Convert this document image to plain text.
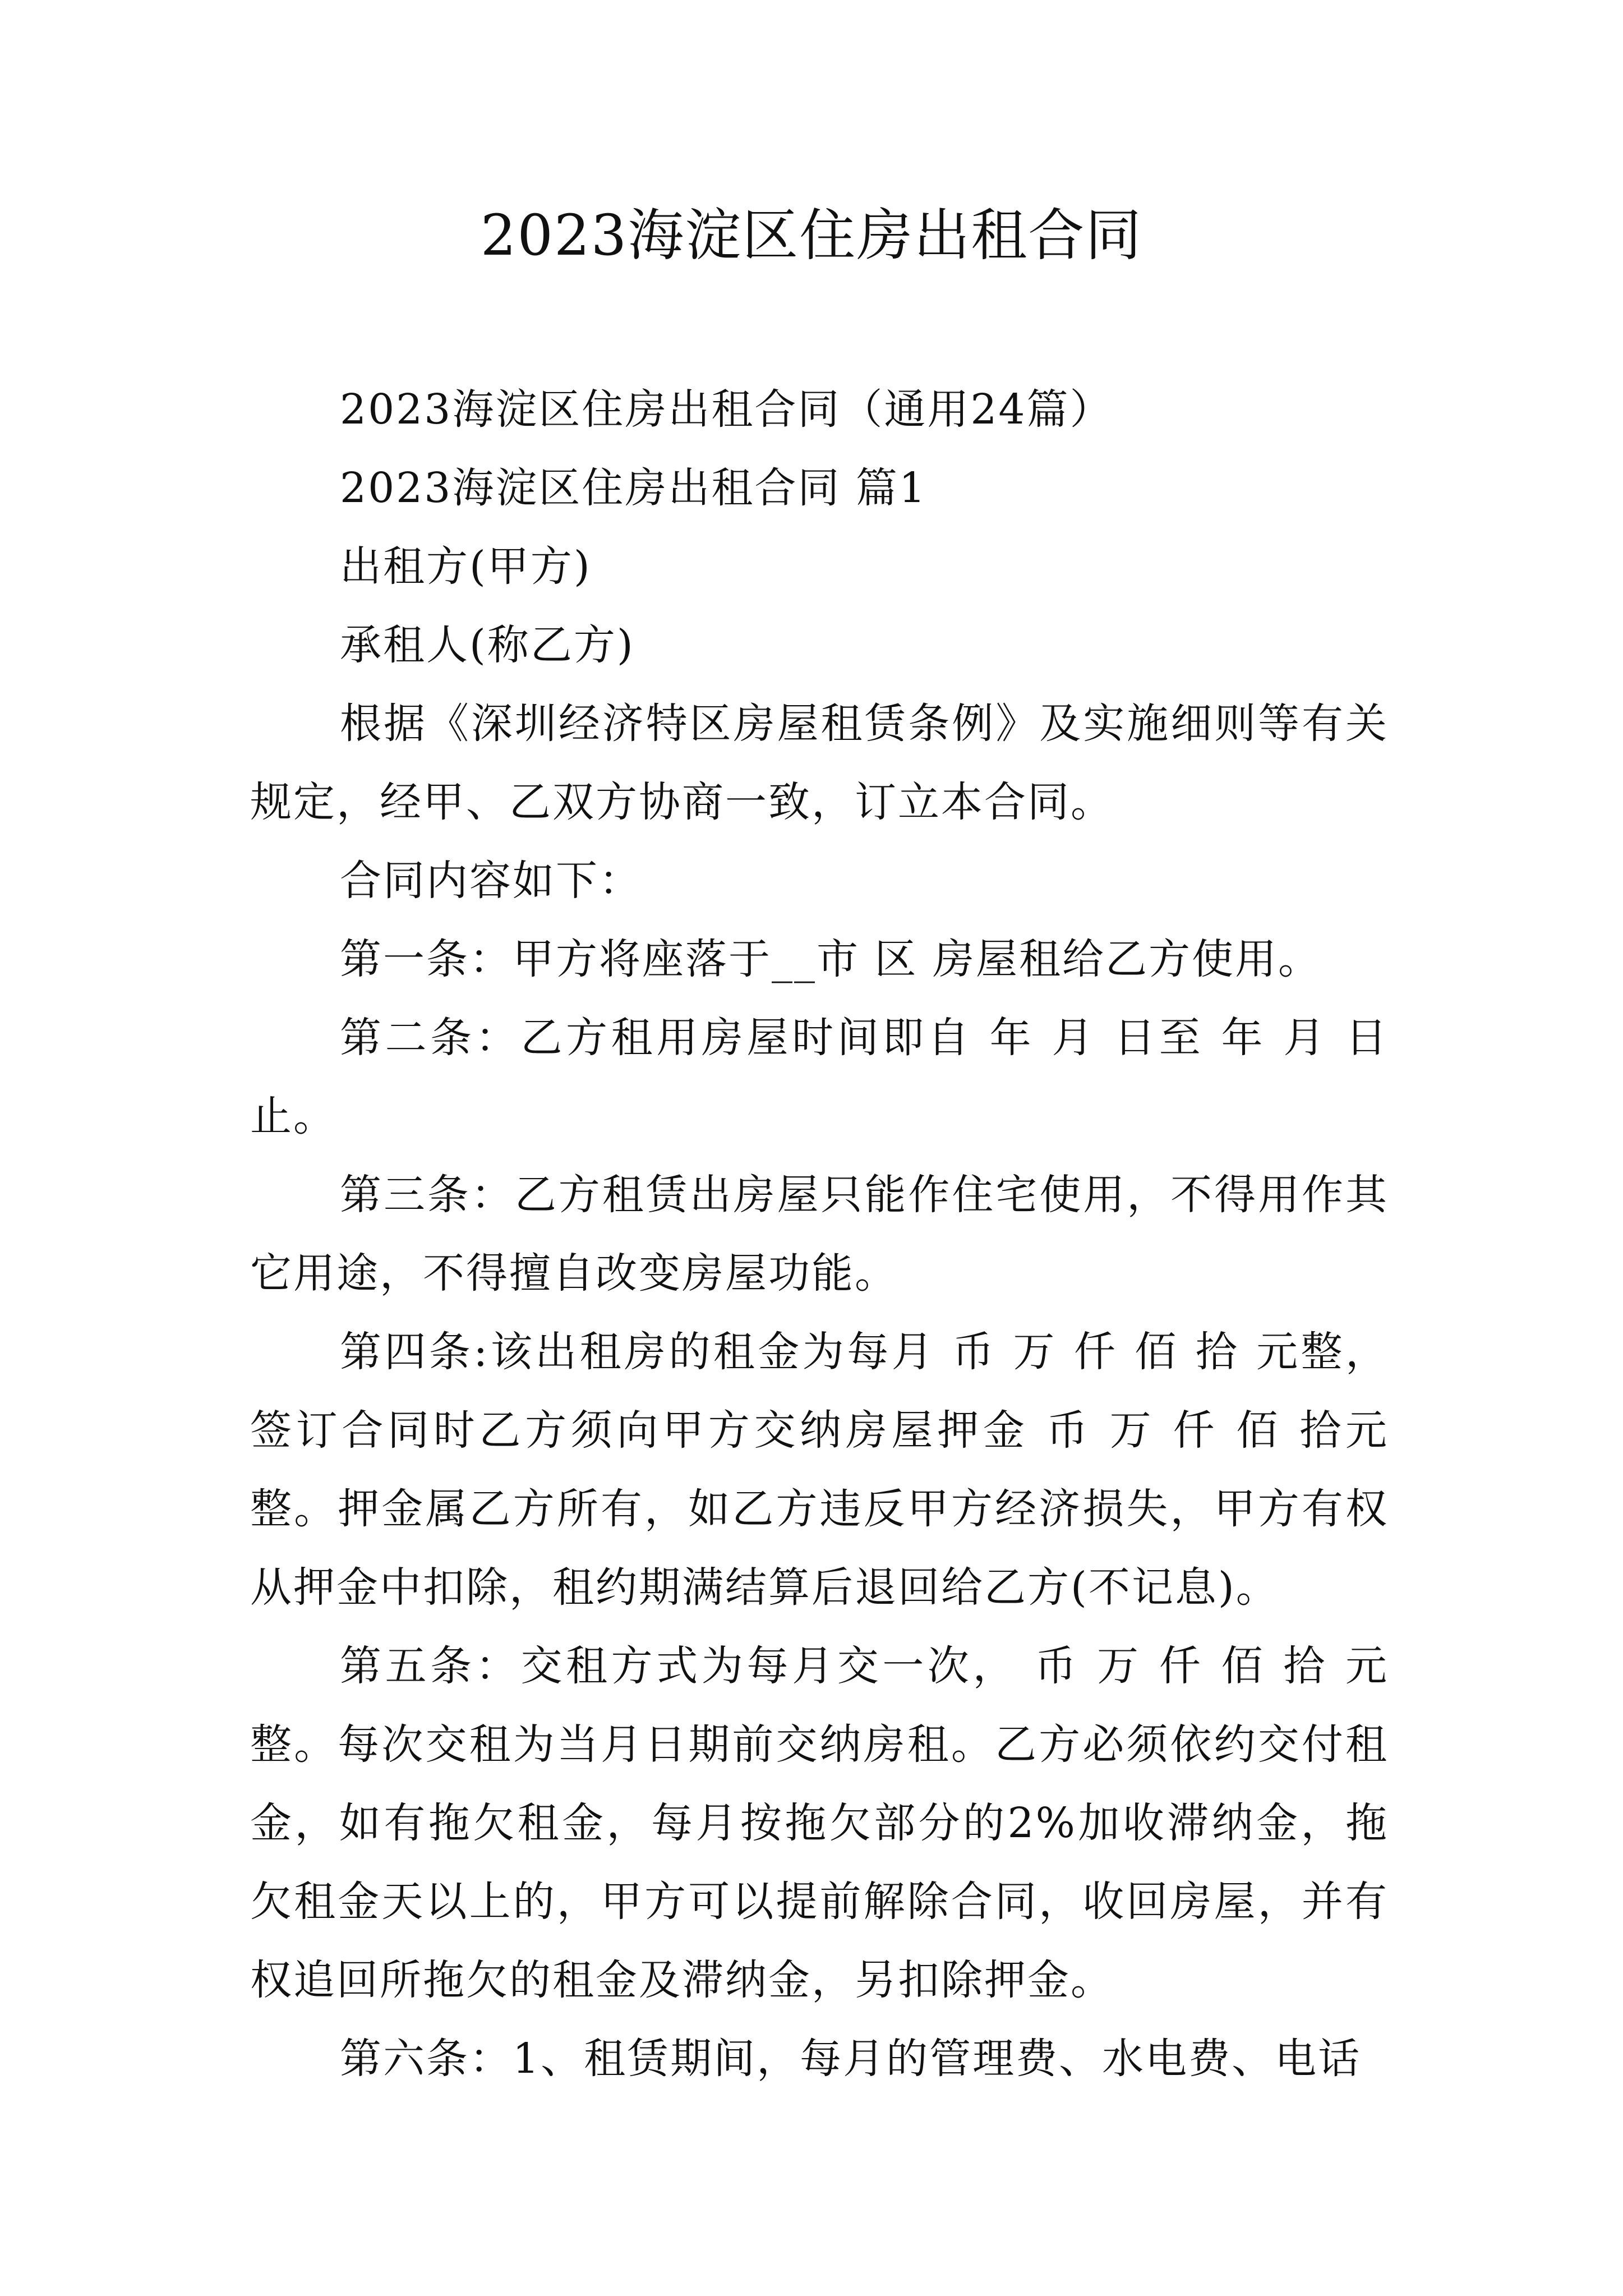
2023海淀区住房出租合同

2023海淀区住房出租合同（通用24篇）

2023海淀区住房出租合同 篇1

出租方(甲方)

承租人(称乙方)

根据《深圳经济特区房屋租赁条例》及实施细则等有关规定，经甲、乙双方协商一致，订立本合同。

合同内容如下：

第一条：甲方将座落于__市 区 房屋租给乙方使用。

第二条：乙方租用房屋时间即自 年 月 日至 年 月 日止。

第三条：乙方租赁出房屋只能作住宅使用，不得用作其它用途，不得擅自改变房屋功能。

第四条:该出租房的租金为每月 币 万 仟 佰 拾 元整，签订合同时乙方须向甲方交纳房屋押金 币 万 仟 佰 拾元整。押金属乙方所有，如乙方违反甲方经济损失，甲方有权从押金中扣除，租约期满结算后退回给乙方(不记息)。

第五条：交租方式为每月交一次， 币 万 仟 佰 拾 元整。每次交租为当月日期前交纳房租。乙方必须依约交付租金，如有拖欠租金，每月按拖欠部分的2%加收滞纳金，拖欠租金天以上的，甲方可以提前解除合同，收回房屋，并有权追回所拖欠的租金及滞纳金，另扣除押金。

第六条：1、租赁期间，每月的管理费、水电费、电话
